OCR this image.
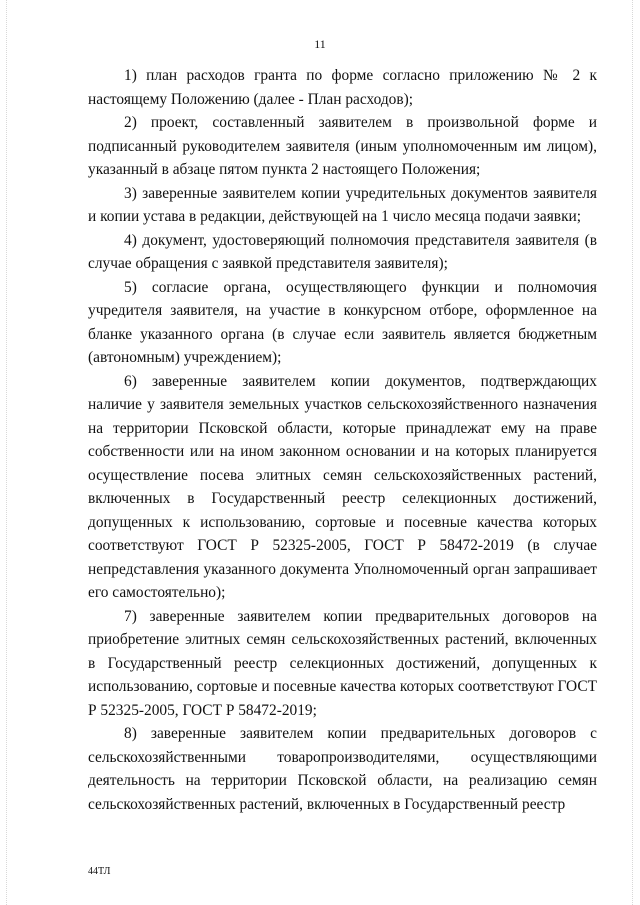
11

1) план расходов гранта по форме согласно приложению № 2 к настоящему Положению (далее - План расходов);

2) проект, составленный заявителем в произвольной форме и подписанный руководителем заявителя (иным уполномоченным им лицом), указанный в абзаце пятом пункта 2 настоящего Положения;

3) заверенные заявителем копии учредительных документов заявителя и копии устава в редакции, действующей на 1 число месяца подачи заявки;

4) документ, удостоверяющий полномочия представителя заявителя (в случае обращения с заявкой представителя заявителя);

5) согласие органа, осуществляющего функции и полномочия учредителя заявителя, на участие в конкурсном отборе, оформленное на бланке указанного органа (в случае если заявитель является бюджетным (автономным) учреждением);

6) заверенные заявителем копии документов, подтверждающих наличие у заявителя земельных участков сельскохозяйственного назначения на территории Псковской области, которые принадлежат ему на праве собственности или на ином законном основании и на которых планируется осуществление посева элитных семян сельскохозяйственных растений, включенных в Государственный реестр селекционных достижений, допущенных к использованию, сортовые и посевные качества которых соответствуют ГОСТ Р 52325-2005, ГОСТ Р 58472-2019 (в случае непредставления указанного документа Уполномоченный орган запрашивает его самостоятельно);

7) заверенные заявителем копии предварительных договоров на приобретение элитных семян сельскохозяйственных растений, включенных в Государственный реестр селекционных достижений, допущенных к использованию, сортовые и посевные качества которых соответствуют ГОСТ Р 52325-2005, ГОСТ Р 58472-2019;

8) заверенные заявителем копии предварительных договоров с сельскохозяйственными товаропроизводителями, осуществляющими деятельность на территории Псковской области, на реализацию семян сельскохозяйственных растений, включенных в Государственный реестр

44ТЛ
